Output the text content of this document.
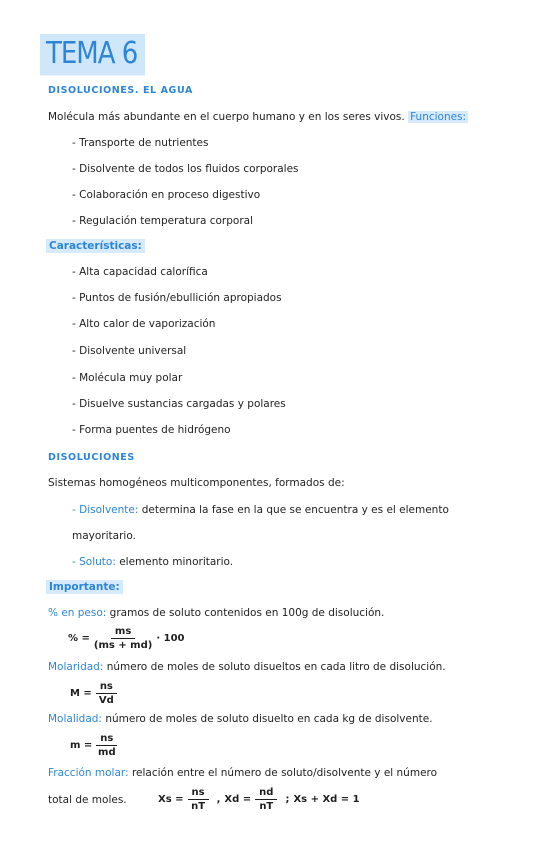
TEMA 6
DISOLUCIONES. EL AGUA
Molécula más abundante en el cuerpo humano y en los seres vivos. Funciones:
- Transporte de nutrientes
- Disolvente de todos los fluidos corporales
- Colaboración en proceso digestivo
- Regulación temperatura corporal
Características:
- Alta capacidad calorífica
- Puntos de fusión/ebullición apropiados
- Alto calor de vaporización
- Disolvente universal
- Molécula muy polar
- Disuelve sustancias cargadas y polares
- Forma puentes de hidrógeno
DISOLUCIONES
Sistemas homogéneos multicomponentes, formados de:
- Disolvente: determina la fase en la que se encuentra y es el elemento
mayoritario.
- Soluto: elemento minoritario.
Importante:
% en peso: gramos de soluto contenidos en 100g de disolución.
% = $\frac{ms}{(ms + md)} \cdot 100$
Molaridad: número de moles de soluto disueltos en cada litro de disolución.
$M = \frac{ns}{Vd}$
Molalidad: número de moles de soluto disuelto en cada kg de disolvente.
$m = \frac{ns}{md}$
Fracción molar: relación entre el número de soluto/disolvente y el número
total de moles.	$Xs = \frac{ns}{nT}$ , $Xd = \frac{nd}{nT}$ ; Xs + Xd = 1
